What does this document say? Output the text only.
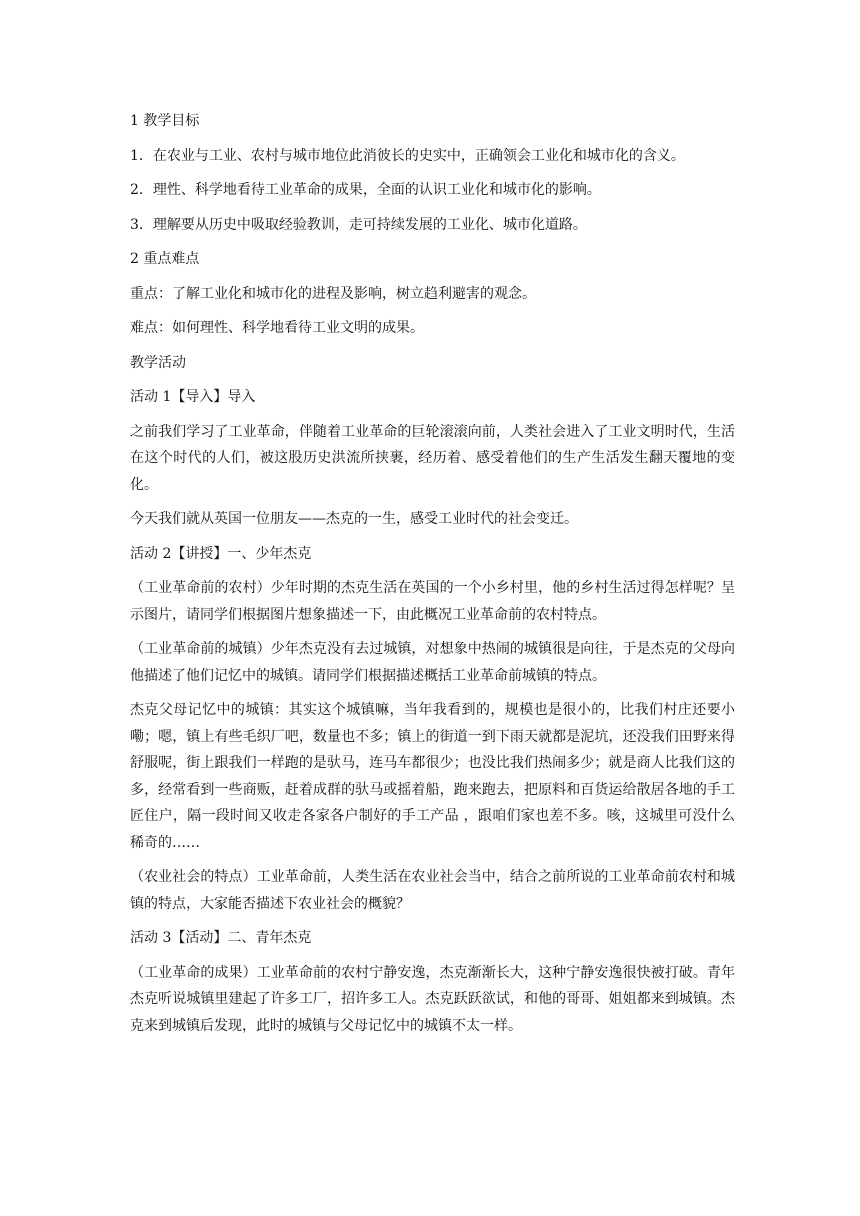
1 教学目标

1．在农业与工业、农村与城市地位此消彼长的史实中，正确领会工业化和城市化的含义。

2．理性、科学地看待工业革命的成果，全面的认识工业化和城市化的影响。

3．理解要从历史中吸取经验教训，走可持续发展的工业化、城市化道路。

2 重点难点

重点：了解工业化和城市化的进程及影响，树立趋利避害的观念。

难点：如何理性、科学地看待工业文明的成果。

教学活动

活动 1【导入】导入

之前我们学习了工业革命，伴随着工业革命的巨轮滚滚向前，人类社会进入了工业文明时代，生活在这个时代的人们，被这股历史洪流所挟裹，经历着、感受着他们的生产生活发生翻天覆地的变化。

今天我们就从英国一位朋友——杰克的一生，感受工业时代的社会变迁。

活动 2【讲授】一、少年杰克

（工业革命前的农村）少年时期的杰克生活在英国的一个小乡村里，他的乡村生活过得怎样呢？呈示图片，请同学们根据图片想象描述一下，由此概况工业革命前的农村特点。

（工业革命前的城镇）少年杰克没有去过城镇，对想象中热闹的城镇很是向往，于是杰克的父母向他描述了他们记忆中的城镇。请同学们根据描述概括工业革命前城镇的特点。

杰克父母记忆中的城镇：其实这个城镇嘛，当年我看到的，规模也是很小的，比我们村庄还要小嘞；嗯，镇上有些毛织厂吧，数量也不多；镇上的街道一到下雨天就都是泥坑，还没我们田野来得舒服呢，街上跟我们一样跑的是驮马，连马车都很少；也没比我们热闹多少；就是商人比我们这的多，经常看到一些商贩，赶着成群的驮马或摇着船，跑来跑去，把原料和百货运给散居各地的手工匠住户，隔一段时间又收走各家各户制好的手工产品 ，跟咱们家也差不多。咳，这城里可没什么稀奇的……

（农业社会的特点）工业革命前，人类生活在农业社会当中，结合之前所说的工业革命前农村和城镇的特点，大家能否描述下农业社会的概貌？

活动 3【活动】二、青年杰克

（工业革命的成果）工业革命前的农村宁静安逸，杰克渐渐长大，这种宁静安逸很快被打破。青年杰克听说城镇里建起了许多工厂，招许多工人。杰克跃跃欲试，和他的哥哥、姐姐都来到城镇。杰克来到城镇后发现，此时的城镇与父母记忆中的城镇不太一样。
